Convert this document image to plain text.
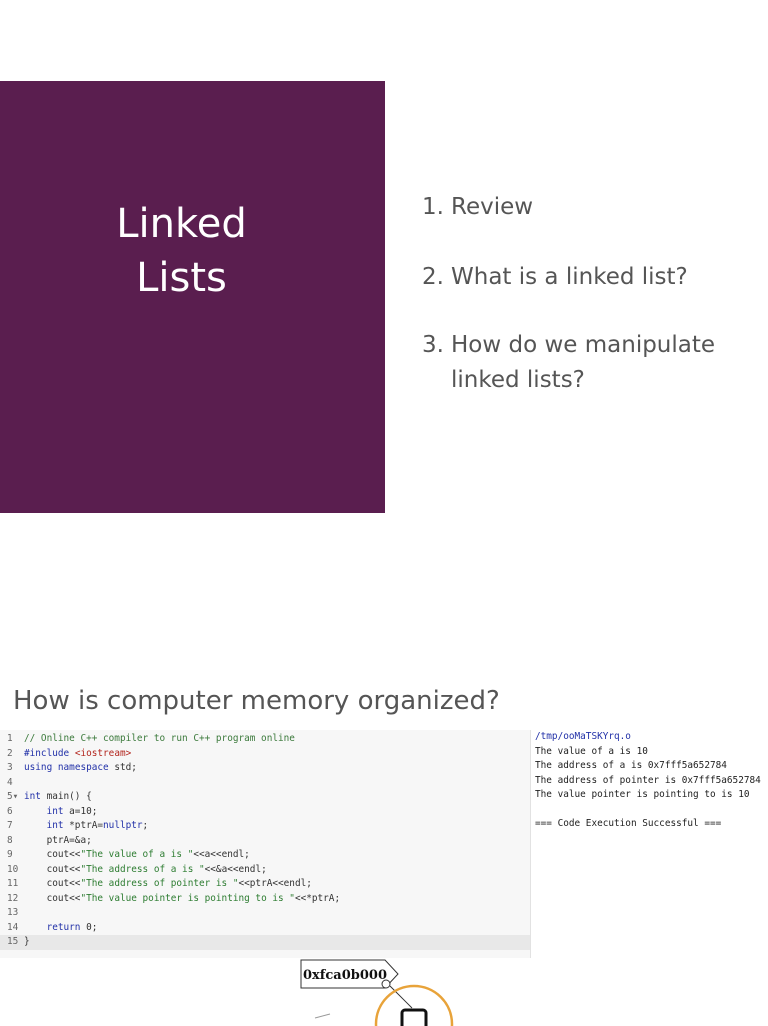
Linked
Lists
1. Review
2. What is a linked list?
3. How do we manipulate
linked lists?
How is computer memory organized?
1 // Online C++ compiler to run C++ program online
2 #include <iostream>
3 using namespace std;
4
5▾ int main() {
6	int a=10;
7	int *ptrA=nullptr;
8 ptrA=&a;
9 cout<<"The value of a is "<<a<<endl;
10 cout<<"The address of a is "<<&a<<endl;
11 cout<<"The address of pointer is "<<ptrA<<endl;
12 cout<<"The value pointer is pointing to is "<<*ptrA;
13
14	return 0;
15 }
/tmp/ooMaTSKYrq.o
The value of a is 10
The address of a is 0x7fff5a652784
The address of pointer is 0x7fff5a652784
The value pointer is pointing to is 10
=== Code Execution Successful ===
0xfca0b000
